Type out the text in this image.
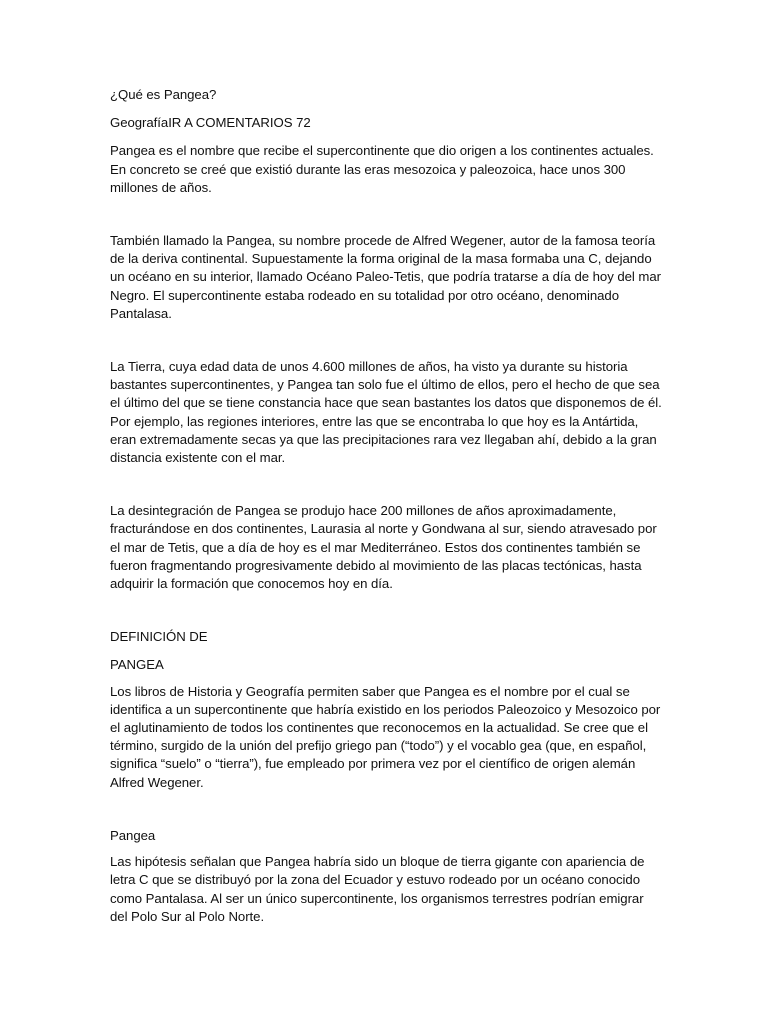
¿Qué es Pangea?

GeografíaIR A COMENTARIOS 72

Pangea es el nombre que recibe el supercontinente que dio origen a los continentes actuales.
En concreto se creé que existió durante las eras mesozoica y paleozoica, hace unos 300
millones de años.

También llamado la Pangea, su nombre procede de Alfred Wegener, autor de la famosa teoría
de la deriva continental. Supuestamente la forma original de la masa formaba una C, dejando
un océano en su interior, llamado Océano Paleo-Tetis, que podría tratarse a día de hoy del mar
Negro. El supercontinente estaba rodeado en su totalidad por otro océano, denominado
Pantalasa.

La Tierra, cuya edad data de unos 4.600 millones de años, ha visto ya durante su historia
bastantes supercontinentes, y Pangea tan solo fue el último de ellos, pero el hecho de que sea
el último del que se tiene constancia hace que sean bastantes los datos que disponemos de él.
Por ejemplo, las regiones interiores, entre las que se encontraba lo que hoy es la Antártida,
eran extremadamente secas ya que las precipitaciones rara vez llegaban ahí, debido a la gran
distancia existente con el mar.

La desintegración de Pangea se produjo hace 200 millones de años aproximadamente,
fracturándose en dos continentes, Laurasia al norte y Gondwana al sur, siendo atravesado por
el mar de Tetis, que a día de hoy es el mar Mediterráneo. Estos dos continentes también se
fueron fragmentando progresivamente debido al movimiento de las placas tectónicas, hasta
adquirir la formación que conocemos hoy en día.

DEFINICIÓN DE

PANGEA

Los libros de Historia y Geografía permiten saber que Pangea es el nombre por el cual se
identifica a un supercontinente que habría existido en los periodos Paleozoico y Mesozoico por
el aglutinamiento de todos los continentes que reconocemos en la actualidad. Se cree que el
término, surgido de la unión del prefijo griego pan (“todo”) y el vocablo gea (que, en español,
significa “suelo” o “tierra”), fue empleado por primera vez por el científico de origen alemán
Alfred Wegener.

Pangea

Las hipótesis señalan que Pangea habría sido un bloque de tierra gigante con apariencia de
letra C que se distribuyó por la zona del Ecuador y estuvo rodeado por un océano conocido
como Pantalasa. Al ser un único supercontinente, los organismos terrestres podrían emigrar
del Polo Sur al Polo Norte.
